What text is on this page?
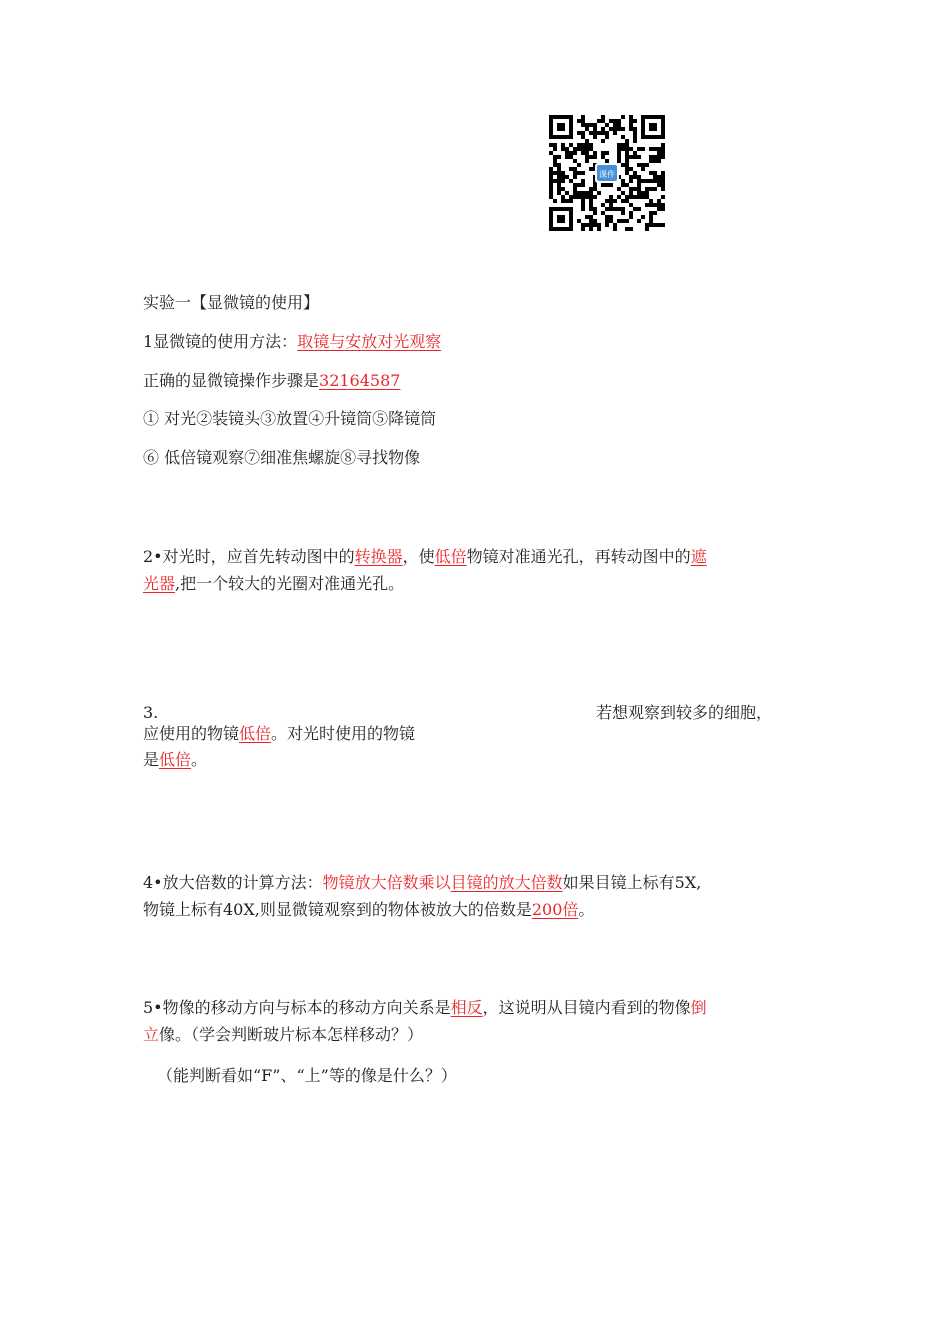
课件
实验一【显微镜的使用】
1显微镜的使用方法：取镜与安放对光观察
正确的显微镜操作步骤是32164587
① 对光②装镜头③放置④升镜筒⑤降镜筒
⑥ 低倍镜观察⑦细准焦螺旋⑧寻找物像
2•对光时，应首先转动图中的转换器，使低倍物镜对准通光孔，再转动图中的遮
光器,把一个较大的光圈对准通光孔。
3.	若想观察到较多的细胞，
应使用的物镜低倍。对光时使用的物镜
是低倍。
4•放大倍数的计算方法：物镜放大倍数乘以目镜的放大倍数如果目镜上标有5X,
物镜上标有40X,则显微镜观察到的物体被放大的倍数是200倍。
5•物像的移动方向与标本的移动方向关系是相反，这说明从目镜内看到的物像倒
立像。（学会判断玻片标本怎样移动？）
（能判断看如“F”、“上”等的像是什么？）
